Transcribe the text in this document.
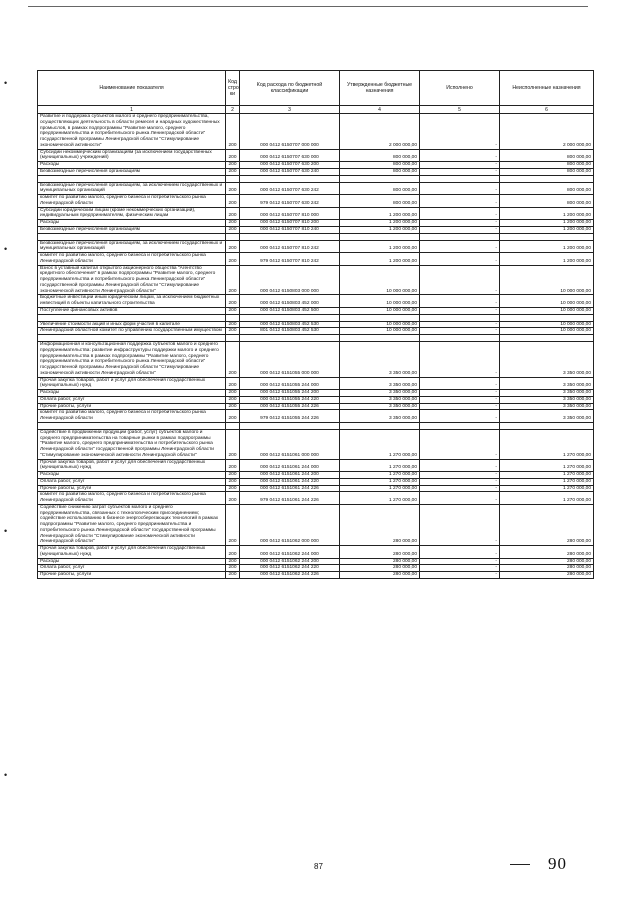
•
•
•
•
Наименование показателя	Код стро ки	Код расхода по бюджетной классификации	Утвержденные бюджетные назначения	Исполнено	Неисполненные назначения
1	2	3	4	5	6
Развитие и поддержка субъектов малого и среднего предпринимательства, осуществляющих деятельность в области ремесел и народных художественных промыслов, в рамках подпрограммы "Развитие малого, среднего предпринимательства и потребительского рынка Ленинградской области" государственной программы Ленинградской области "Стимулирование экономической активности"	200	000 0412 6150707 000 000	2 000 000,00	-	2 000 000,00
Субсидии некоммерческим организациям (за исключением государственных (муниципальных) учреждений)	200	000 0412 6150707 630 000	800 000,00	-	800 000,00
Расходы	200	000 0412 6150707 630 200	800 000,00	-	800 000,00
Безвозмездные перечисления организациям	200	000 0412 6150707 630 240	800 000,00	-	800 000,00

Безвозмездные перечисления организациям, за исключением государственных и муниципальных организаций	200	000 0412 6150707 630 242	800 000,00	-	800 000,00
комитет по развитию малого, среднего бизнеса и потребительского рынка Ленинградской области	200	979 0412 6150707 630 242	800 000,00	-	800 000,00
Субсидии юридическим лицам (кроме некоммерческих организаций), индивидуальным предпринимателям, физическим лицам	200	000 0412 6150707 810 000	1 200 000,00	-	1 200 000,00
Расходы	200	000 0412 6150707 810 200	1 200 000,00	-	1 200 000,00
Безвозмездные перечисления организациям	200	000 0412 6150707 810 240	1 200 000,00	-	1 200 000,00

Безвозмездные перечисления организациям, за исключением государственных и муниципальных организаций	200	000 0412 6150707 810 242	1 200 000,00	-	1 200 000,00
комитет по развитию малого, среднего бизнеса и потребительского рынка Ленинградской области	200	979 0412 6150707 810 242	1 200 000,00	-	1 200 000,00
Взнос в уставный капитал открытого акционерного общества "Агентство кредитного обеспечения" в рамках подпрограммы "Развитие малого, среднего предпринимательства и потребительского рынка Ленинградской области" государственной программы Ленинградской области "Стимулирование экономической активности Ленинградской области"	200	000 0412 6150803 000 000	10 000 000,00	-	10 000 000,00
Бюджетные инвестиции иным юридическим лицам, за исключением бюджетных инвестиций в объекты капитального строительства	200	000 0412 6150803 452 000	10 000 000,00	-	10 000 000,00
Поступление финансовых активов	200	000 0412 6150803 452 500	10 000 000,00	-	10 000 000,00

Увеличение стоимости акций и иных форм участия в капитале	200	000 0412 6150803 452 530	10 000 000,00	-	10 000 000,00
Ленинградский областной комитет по управлению государственным имуществом	200	801 0412 6150803 452 530	10 000 000,00	-	10 000 000,00

Информационная и консультационная поддержка субъектов малого и среднего предпринимательства: развитие инфраструктуры поддержки малого и среднего предпринимательства в рамках подпрограммы "Развитие малого, среднего предпринимательства и потребительского рынка Ленинградской области" государственной программы Ленинградской области "Стимулирование экономической активности Ленинградской области"	200	000 0412 6151055 000 000	3 350 000,00	-	3 350 000,00
Прочая закупка товаров, работ и услуг для обеспечения государственных (муниципальных) нужд	200	000 0412 6151055 244 000	3 350 000,00	-	3 350 000,00
Расходы	200	000 0412 6151055 244 200	3 350 000,00	-	3 350 000,00
Оплата работ, услуг	200	000 0412 6151055 244 220	3 350 000,00	-	3 350 000,00
Прочие работы, услуги	200	000 0412 6151055 244 226	3 350 000,00	-	3 350 000,00
комитет по развитию малого, среднего бизнеса и потребительского рынка Ленинградской области	200	979 0412 6151055 244 226	3 350 000,00	-	3 350 000,00

Содействие в продвижении продукции (работ, услуг) субъектов малого и среднего предпринимательства на товарные рынки в рамках подпрограммы "Развитие малого, среднего предпринимательства и потребительского рынка Ленинградской области" государственной программы Ленинградской области "Стимулирование экономической активности Ленинградской области"	200	000 0412 6151061 000 000	1 270 000,00	-	1 270 000,00
Прочая закупка товаров, работ и услуг для обеспечения государственных (муниципальных) нужд	200	000 0412 6151061 244 000	1 270 000,00	-	1 270 000,00
Расходы	200	000 0412 6151061 244 200	1 270 000,00	-	1 270 000,00
Оплата работ, услуг	200	000 0412 6151061 244 220	1 270 000,00	-	1 270 000,00
Прочие работы, услуги	200	000 0412 6151061 244 226	1 270 000,00	-	1 270 000,00
комитет по развитию малого, среднего бизнеса и потребительского рынка Ленинградской области	200	979 0412 6151061 244 226	1 270 000,00	-	1 270 000,00
Содействие снижению затрат субъектов малого и среднего предпринимательства, связанных с технологическим присоединением; содействие использованию в бизнесе энергосберегающих технологий в рамках подпрограммы "Развитие малого, среднего предпринимательства и потребительского рынка Ленинградской области" государственной программы Ленинградской области "Стимулирование экономической активности Ленинградской области"	200	000 0412 6151062 000 000	280 000,00	-	280 000,00
Прочая закупка товаров, работ и услуг для обеспечения государственных (муниципальных) нужд	200	000 0412 6151062 244 000	280 000,00	-	280 000,00
Расходы	200	000 0412 6151062 244 200	280 000,00	-	280 000,00
Оплата работ, услуг	200	000 0412 6151062 244 220	280 000,00	-	280 000,00
Прочие работы, услуги	200	000 0412 6151062 244 226	280 000,00	-	280 000,00
87	90
